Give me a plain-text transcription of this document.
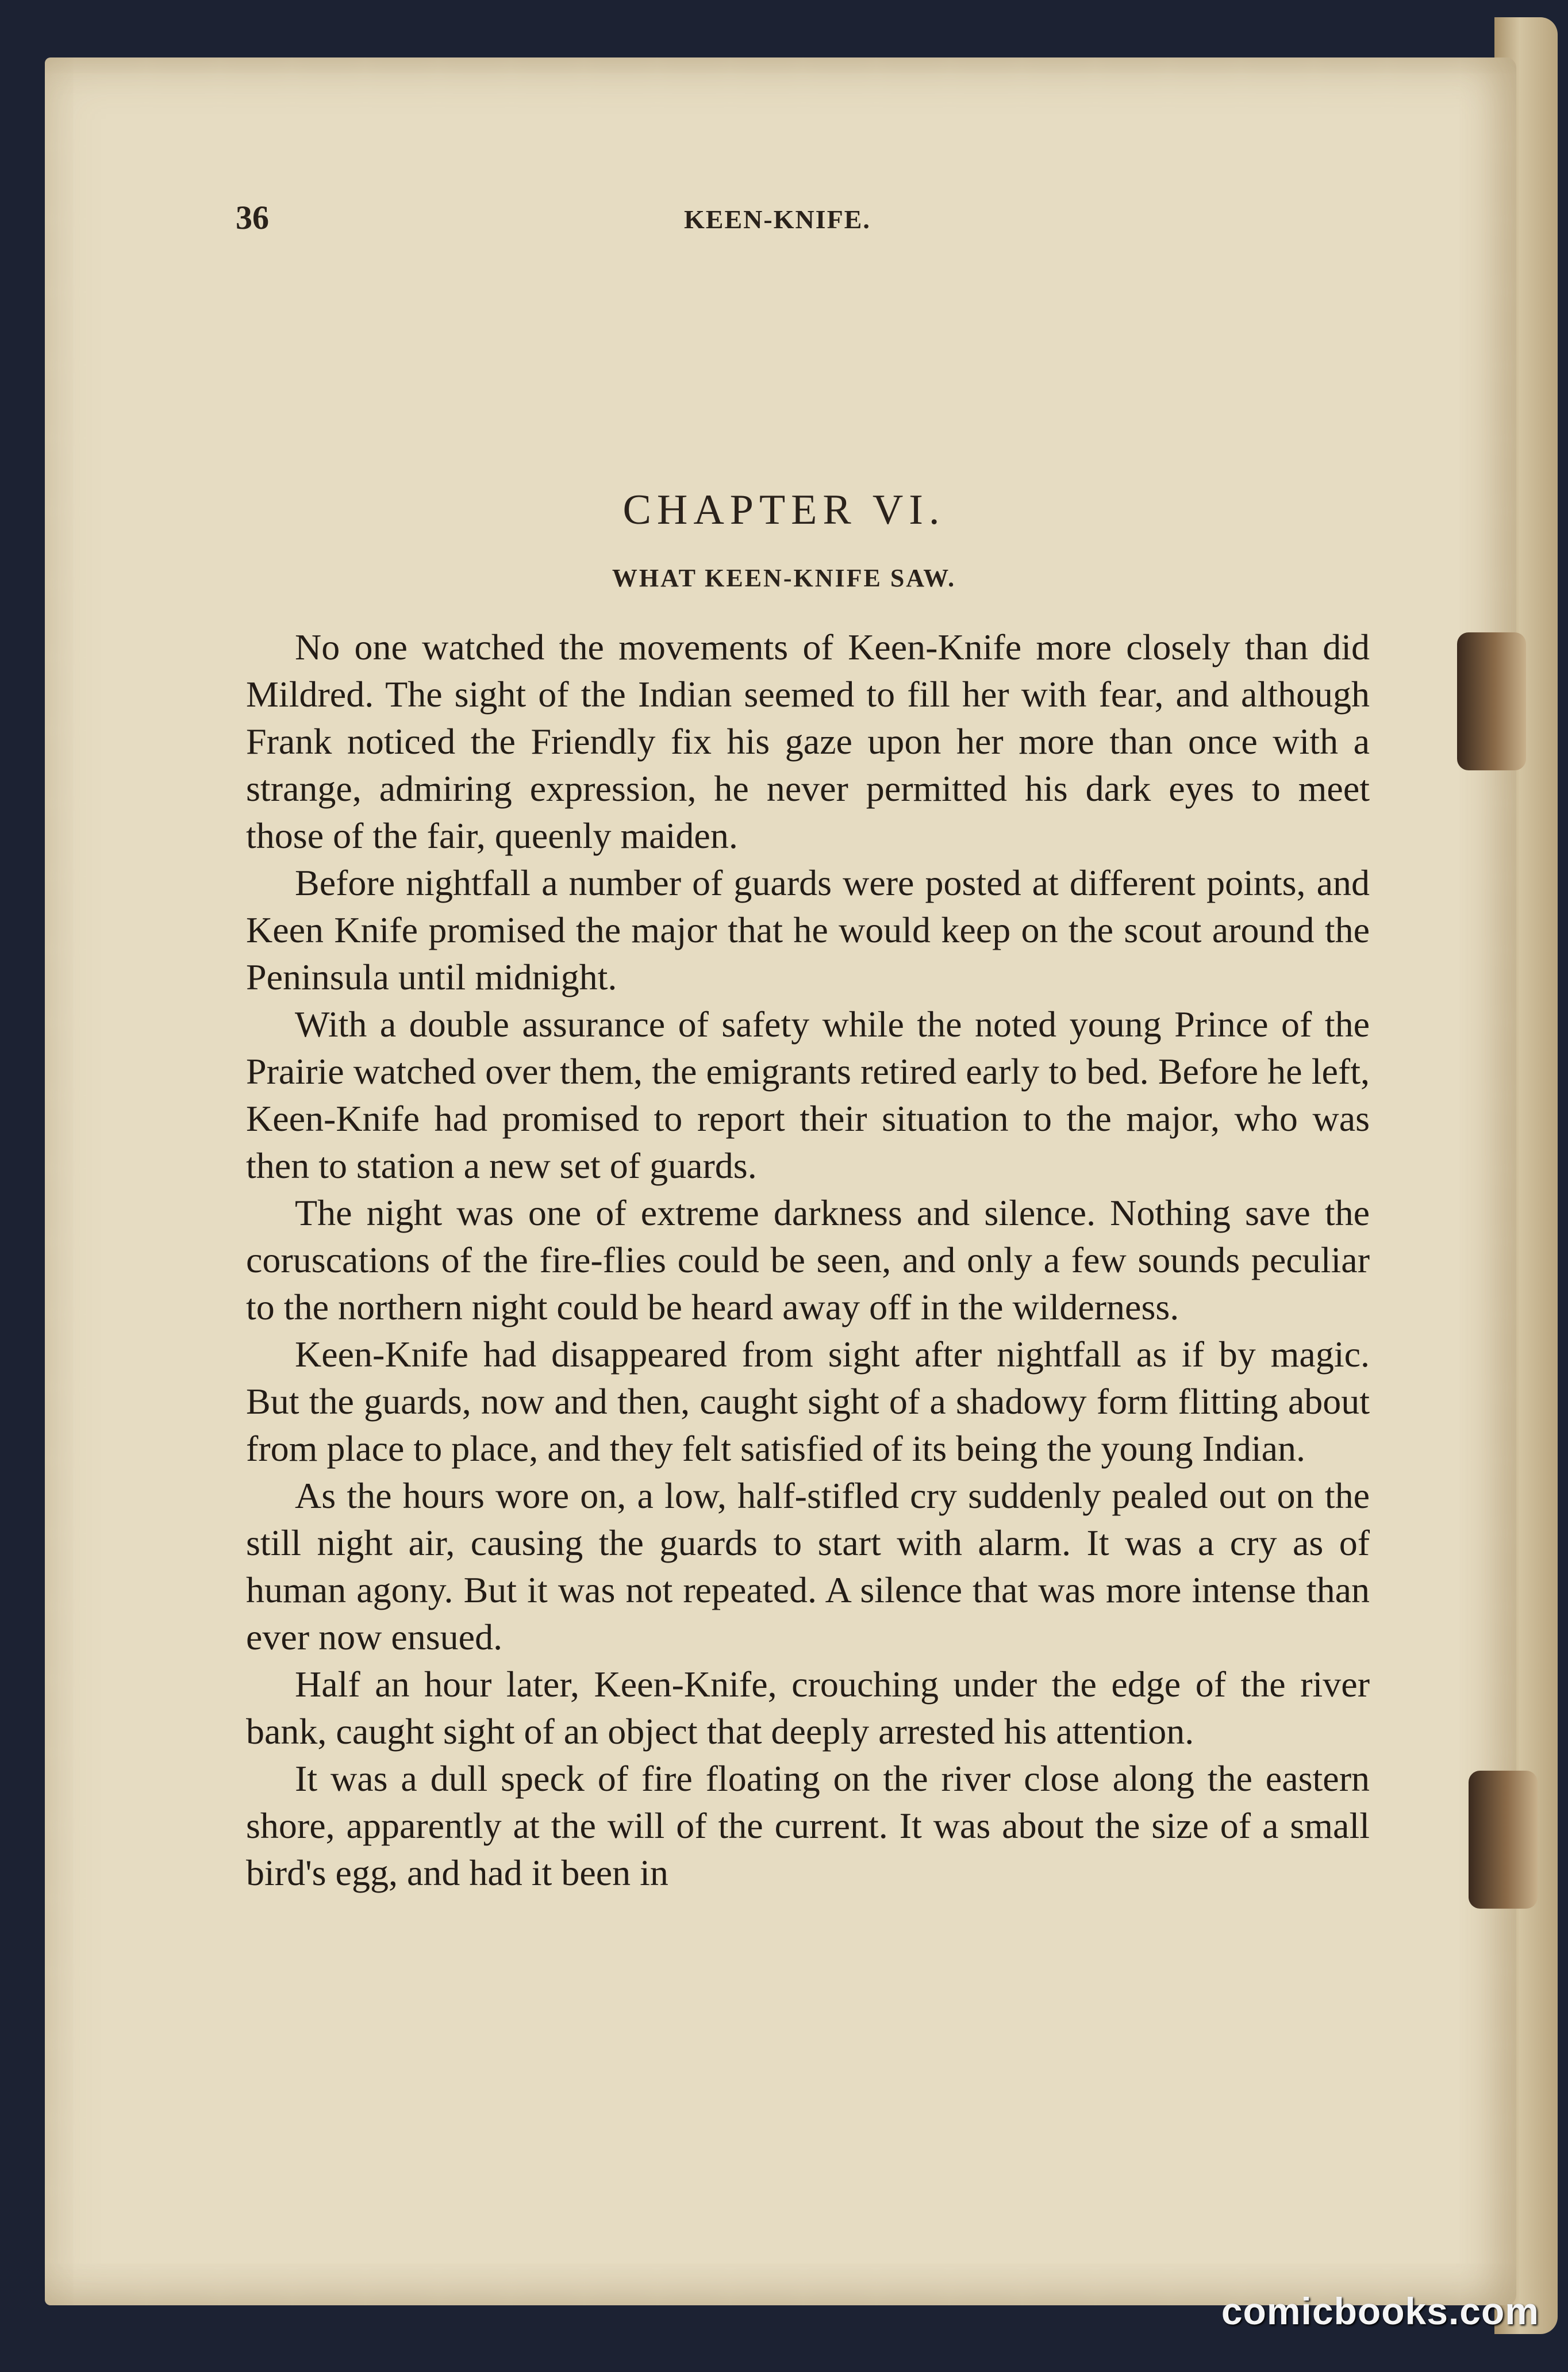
36	KEEN-KNIFE.
CHAPTER VI.
WHAT KEEN-KNIFE SAW.

No one watched the movements of Keen-Knife more closely than did Mildred. The sight of the Indian seemed to fill her with fear, and although Frank noticed the Friendly fix his gaze upon her more than once with a strange, admiring expression, he never permitted his dark eyes to meet those of the fair, queenly maiden.

Before nightfall a number of guards were posted at different points, and Keen Knife promised the major that he would keep on the scout around the Peninsula until midnight.

With a double assurance of safety while the noted young Prince of the Prairie watched over them, the emigrants retired early to bed. Before he left, Keen-Knife had promised to report their situation to the major, who was then to station a new set of guards.

The night was one of extreme darkness and silence. Nothing save the coruscations of the fire-flies could be seen, and only a few sounds peculiar to the northern night could be heard away off in the wilderness.

Keen-Knife had disappeared from sight after nightfall as if by magic. But the guards, now and then, caught sight of a shadowy form flitting about from place to place, and they felt satisfied of its being the young Indian.

As the hours wore on, a low, half-stifled cry suddenly pealed out on the still night air, causing the guards to start with alarm. It was a cry as of human agony. But it was not repeated. A silence that was more intense than ever now ensued.

Half an hour later, Keen-Knife, crouching under the edge of the river bank, caught sight of an object that deeply arrested his attention.

It was a dull speck of fire floating on the river close along the eastern shore, apparently at the will of the current. It was about the size of a small bird's egg, and had it been in

comicbooks.com
